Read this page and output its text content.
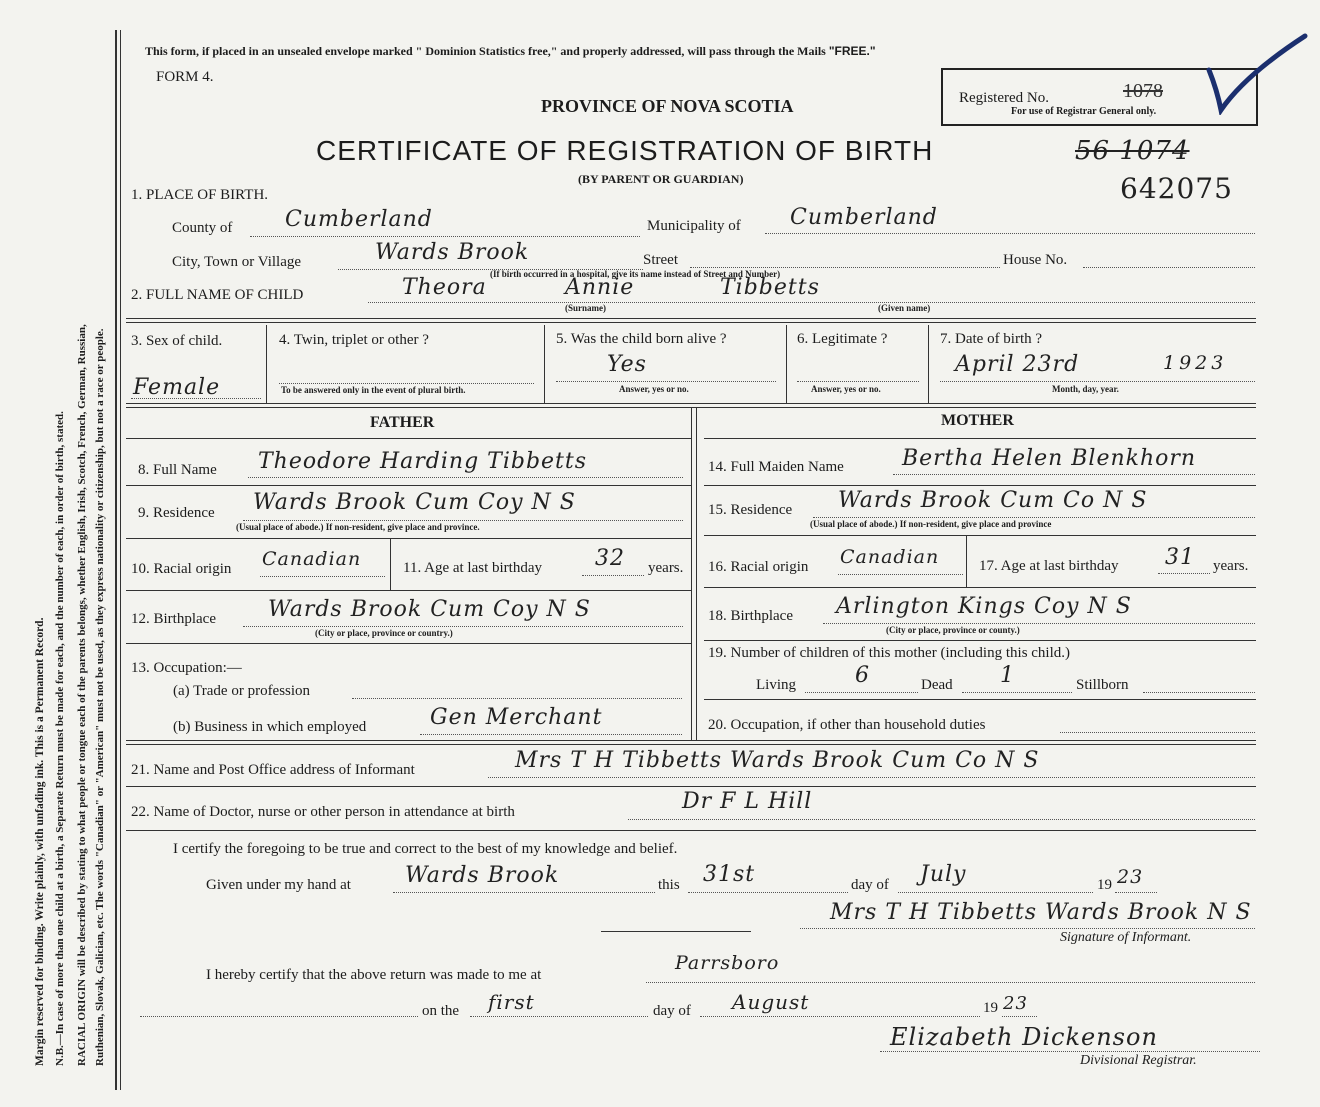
Margin reserved for binding. Write plainly, with unfading ink. This is a Permanent Record. N.B.—In case of more than one child at a birth, a Separate Return must be made for each, and the number of each, in order of birth, stated. RACIAL ORIGIN will be described by stating to what people or tongue each of the parents belongs, whether English, Irish, Scotch, French, German, Russian, Ruthenian, Slovak, Galician, etc. The words "Canadian" or "American" must not be used, as they express nationality or citizenship, but not a race or people.
This form, if placed in an unsealed envelope marked " Dominion Statistics free," and properly addressed, will pass through the Mails "FREE."
FORM 4.
PROVINCE OF NOVA SCOTIA	Registered No.	1078
For use of Registrar General only.
CERTIFICATE OF REGISTRATION OF BIRTH	56 1074
642075
(BY PARENT OR GUARDIAN)
1. PLACE OF BIRTH.
County of Cumberland	Municipality of Cumberland
City, Town or Village	Wards Brook	Street	House No.
(If birth occurred in a hospital, give its name instead of Street and Number)
2. FULL NAME OF CHILD	Theora	Annie	Tibbetts
(Surname)	(Given name)
3. Sex of child.
Female
4. Twin, triplet or other ?
To be answered only in the event of plural birth.
5. Was the child born alive ?
Yes
Answer, yes or no.
6. Legitimate ?
Answer, yes or no.
7. Date of birth ?
April 23rd	1923
Month, day, year.
FATHER	MOTHER
8. Full Name Theodore Harding Tibbetts
9. Residence Wards Brook Cum Coy N S
(Usual place of abode.) If non-resident, give place and province.
10. Racial origin Canadian	11. Age at last birthday 32 years.
12. Birthplace Wards Brook Cum Coy N S
(City or place, province or country.)
13. Occupation:—
(a) Trade or profession
(b) Business in which employed	Gen Merchant
14. Full Maiden Name	Bertha Helen Blenkhorn
15. Residence Wards Brook Cum Co N S
(Usual place of abode.) If non-resident, give place and province
16. Racial origin Canadian	17. Age at last birthday 31 years.
18. Birthplace Arlington Kings Coy N S
(City or place, province or county.)
19. Number of children of this mother (including this child.)
Living	6	Dead 1	Stillborn
20. Occupation, if other than household duties
21. Name and Post Office address of Informant	Mrs T H Tibbetts Wards Brook Cum Co N S
22. Name of Doctor, nurse or other person in attendance at birth	Dr F L Hill
I certify the foregoing to be true and correct to the best of my knowledge and belief.
Given under my hand at Wards Brook	this 31st	day of July	19 23
Mrs T H Tibbetts Wards Brook N S
Signature of Informant.
I hereby certify that the above return was made to me at
Parrsboro
on the first	day of August	19 23
Elizabeth Dickenson
Divisional Registrar.
